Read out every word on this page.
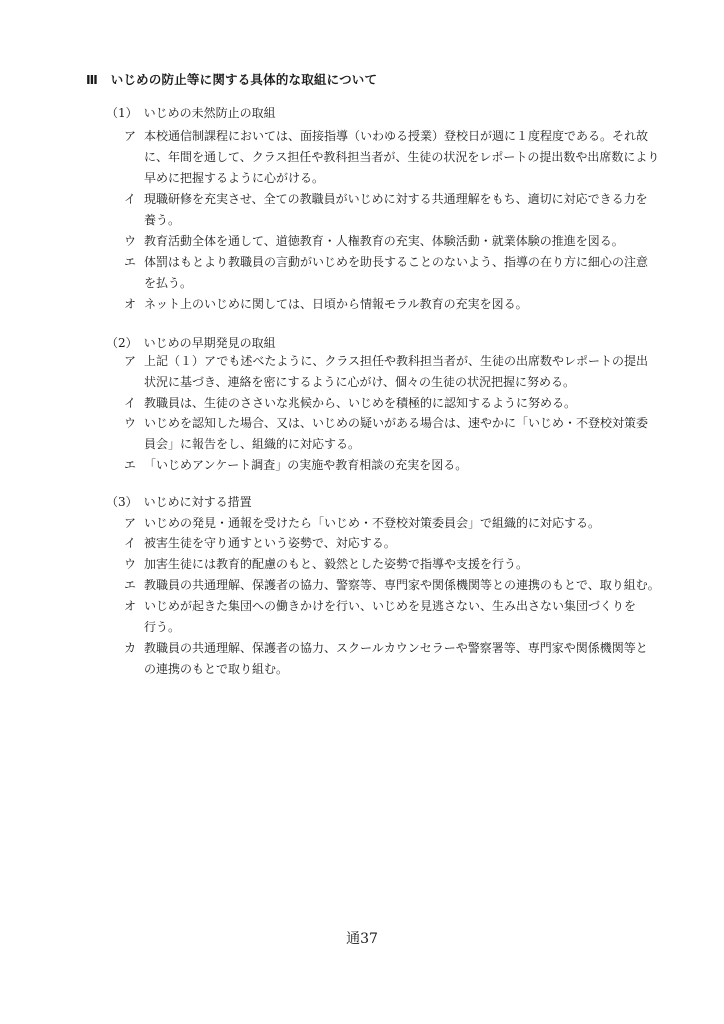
Ⅲ　いじめの防止等に関する具体的な取組について
（1）　いじめの未然防止の取組
ア 本校通信制課程においては、面接指導（いわゆる授業）登校日が週に１度程度である。それ故
に、年間を通して、クラス担任や教科担当者が、生徒の状況をレポートの提出数や出席数により
早めに把握するように心がける。
イ 現職研修を充実させ、全ての教職員がいじめに対する共通理解をもち、適切に対応できる力を
養う。
ウ 教育活動全体を通して、道徳教育・人権教育の充実、体験活動・就業体験の推進を図る。
エ 体罰はもとより教職員の言動がいじめを助長することのないよう、指導の在り方に細心の注意
を払う。
オ ネット上のいじめに関しては、日頃から情報モラル教育の充実を図る。
（2）　いじめの早期発見の取組
ア 上記（１）アでも述べたように、クラス担任や教科担当者が、生徒の出席数やレポートの提出
状況に基づき、連絡を密にするように心がけ、個々の生徒の状況把握に努める。
イ 教職員は、生徒のささいな兆候から、いじめを積極的に認知するように努める。
ウ いじめを認知した場合、又は、いじめの疑いがある場合は、速やかに「いじめ・不登校対策委
員会」に報告をし、組織的に対応する。
エ 「いじめアンケート調査」の実施や教育相談の充実を図る。
（3）　いじめに対する措置
ア いじめの発見・通報を受けたら「いじめ・不登校対策委員会」で組織的に対応する。
イ 被害生徒を守り通すという姿勢で、対応する。
ウ 加害生徒には教育的配慮のもと、毅然とした姿勢で指導や支援を行う。
エ 教職員の共通理解、保護者の協力、警察等、専門家や関係機関等との連携のもとで、取り組む。
オ いじめが起きた集団への働きかけを行い、いじめを見逃さない、生み出さない集団づくりを
行う。
カ 教職員の共通理解、保護者の協力、スクールカウンセラーや警察署等、専門家や関係機関等と
の連携のもとで取り組む。
通37
